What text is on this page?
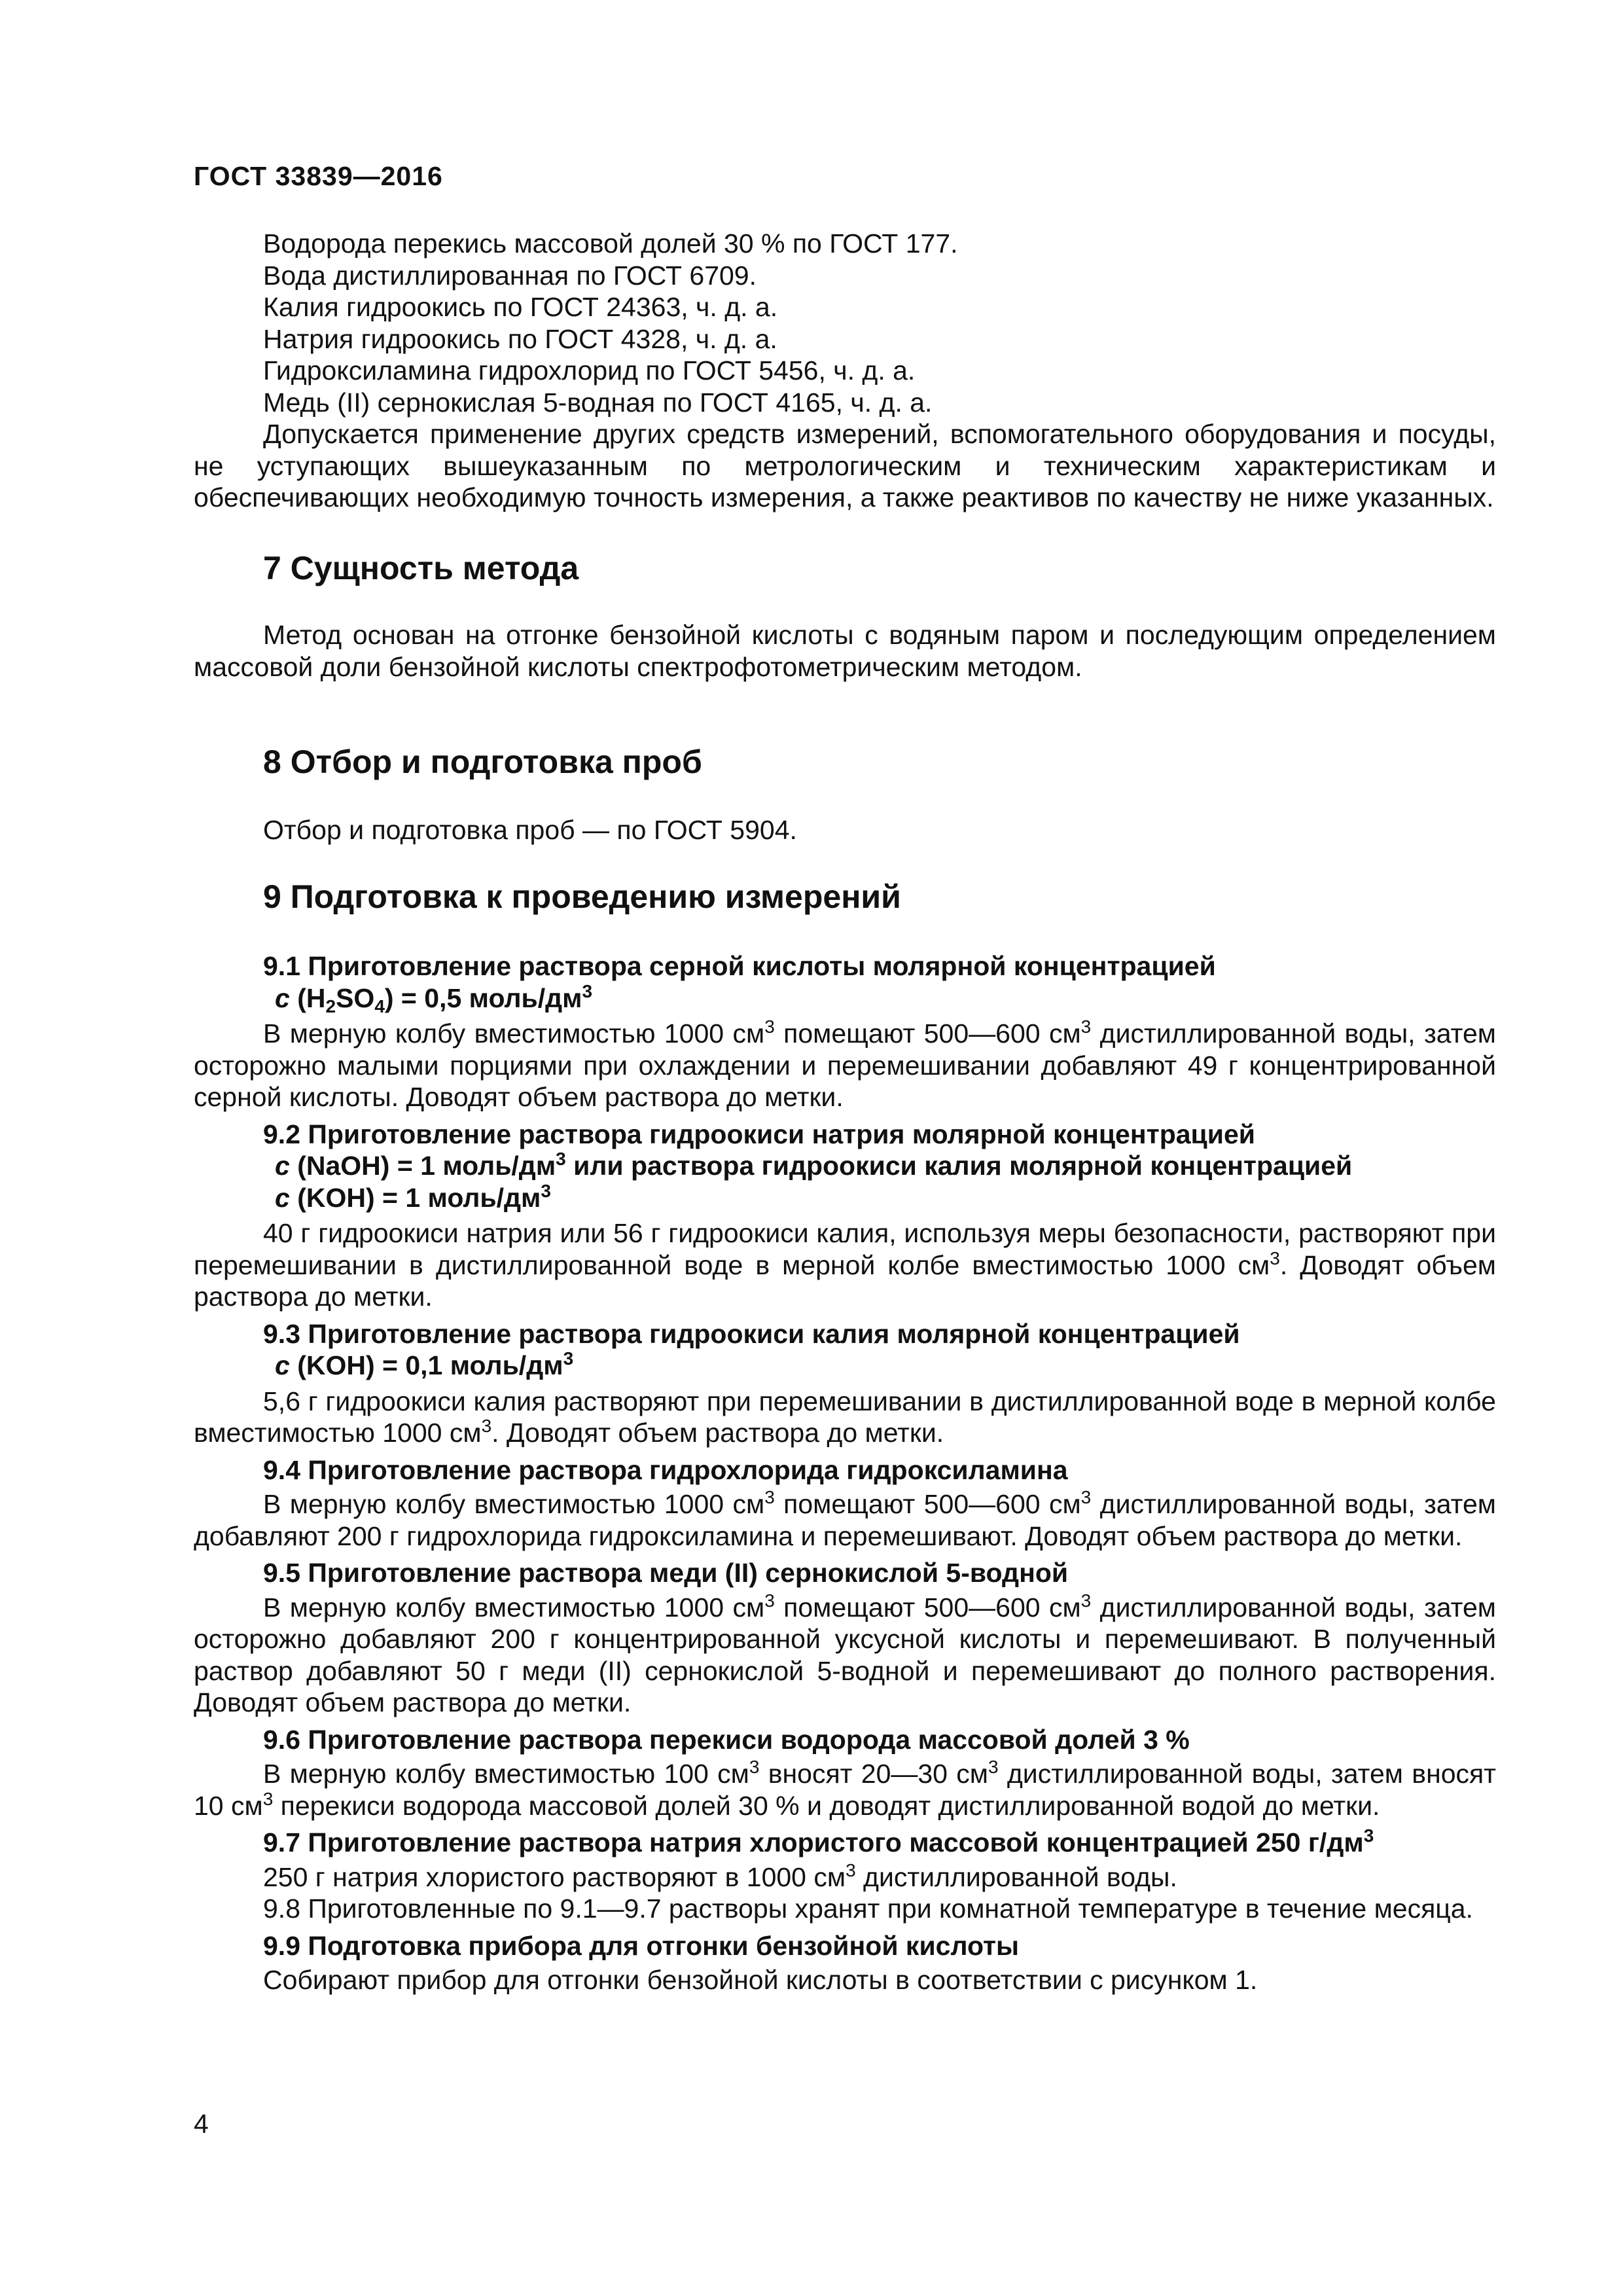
ГОСТ 33839—2016

Водорода перекись массовой долей 30 % по ГОСТ 177.

Вода дистиллированная по ГОСТ 6709.

Калия гидроокись по ГОСТ 24363, ч. д. а.

Натрия гидроокись по ГОСТ 4328, ч. д. а.

Гидроксиламина гидрохлорид по ГОСТ 5456, ч. д. а.

Медь (II) сернокислая 5-водная по ГОСТ 4165, ч. д. а.

Допускается применение других средств измерений, вспомогательного оборудования и посуды, не уступающих вышеуказанным по метрологическим и техническим характеристикам и обеспечивающих необходимую точность измерения, а также реактивов по качеству не ниже указанных.

7 Сущность метода

Метод основан на отгонке бензойной кислоты с водяным паром и последующим определением массовой доли бензойной кислоты спектрофотометрическим методом.

8 Отбор и подготовка проб

Отбор и подготовка проб — по ГОСТ 5904.

9 Подготовка к проведению измерений

9.1 Приготовление раствора серной кислоты молярной концентрацией

c (H2SO4) = 0,5 моль/$дм^3$

В мерную колбу вместимостью 1000 $см^3$ помещают 500—600 $см^3$ дистиллированной воды, затем осторожно малыми порциями при охлаждении и перемешивании добавляют 49 г концентрированной серной кислоты. Доводят объем раствора до метки.

9.2 Приготовление раствора гидроокиси натрия молярной концентрацией

c (NaOH) = 1 моль/$дм^3$ или раствора гидроокиси калия молярной концентрацией

c (KOH) = 1 моль/$дм^3$

40 г гидроокиси натрия или 56 г гидроокиси калия, используя меры безопасности, растворяют при перемешивании в дистиллированной воде в мерной колбе вместимостью 1000 $см^3$. Доводят объем раствора до метки.

9.3 Приготовление раствора гидроокиси калия молярной концентрацией

c (KOH) = 0,1 моль/$дм^3$

5,6 г гидроокиси калия растворяют при перемешивании в дистиллированной воде в мерной колбе вместимостью 1000 $см^3$. Доводят объем раствора до метки.

9.4 Приготовление раствора гидрохлорида гидроксиламина

В мерную колбу вместимостью 1000 $см^3$ помещают 500—600 $см^3$ дистиллированной воды, затем добавляют 200 г гидрохлорида гидроксиламина и перемешивают. Доводят объем раствора до метки.

9.5 Приготовление раствора меди (II) сернокислой 5-водной

В мерную колбу вместимостью 1000 $см^3$ помещают 500—600 $см^3$ дистиллированной воды, затем осторожно добавляют 200 г концентрированной уксусной кислоты и перемешивают. В полученный раствор добавляют 50 г меди (II) сернокислой 5-водной и перемешивают до полного растворения. Доводят объем раствора до метки.

9.6 Приготовление раствора перекиси водорода массовой долей 3 %

В мерную колбу вместимостью 100 $см^3$ вносят 20—30 $см^3$ дистиллированной воды, затем вносят 10 $см^3$ перекиси водорода массовой долей 30 % и доводят дистиллированной водой до метки.

9.7 Приготовление раствора натрия хлористого массовой концентрацией 250 $г/дм^3$

250 г натрия хлористого растворяют в 1000 $см^3$ дистиллированной воды.

9.8 Приготовленные по 9.1—9.7 растворы хранят при комнатной температуре в течение месяца.

9.9 Подготовка прибора для отгонки бензойной кислоты

Собирают прибор для отгонки бензойной кислоты в соответствии с рисунком 1.

4
